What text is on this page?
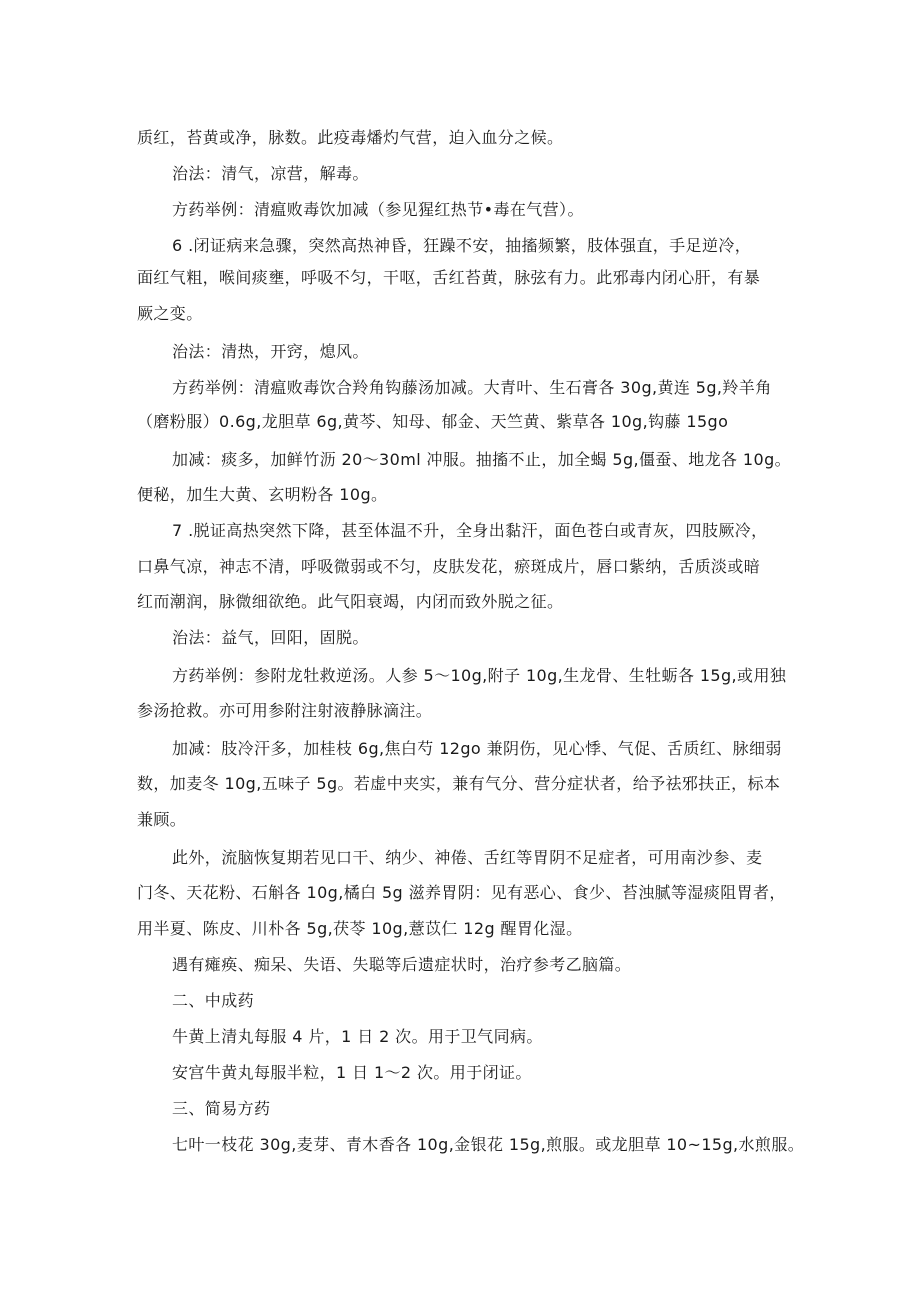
质红，苔黄或净，脉数。此疫毒燔灼气营，迫入血分之候。

治法：清气，凉营，解毒。

方药举例：清瘟败毒饮加减（参见猩红热节•毒在气营）。

6 .闭证病来急骤，突然高热神昏，狂躁不安，抽搐频繁，肢体强直，手足逆冷，

面红气粗，喉间痰壅，呼吸不匀，干呕，舌红苔黄，脉弦有力。此邪毒内闭心肝，有暴

厥之变。

治法：清热，开窍，熄风。

方药举例：清瘟败毒饮合羚角钩藤汤加减。大青叶、生石膏各 30g,黄连 5g,羚羊角

（磨粉服）0.6g,龙胆草 6g,黄芩、知母、郁金、天竺黄、紫草各 10g,钩藤 15go

加减：痰多，加鲜竹沥 20～30ml 冲服。抽搐不止，加全蝎 5g,僵蚕、地龙各 10g。

便秘，加生大黄、玄明粉各 10g。

7 .脱证高热突然下降，甚至体温不升，全身出黏汗，面色苍白或青灰，四肢厥冷，

口鼻气凉，神志不清，呼吸微弱或不匀，皮肤发花，瘀斑成片，唇口紫纳，舌质淡或暗

红而潮润，脉微细欲绝。此气阳衰竭，内闭而致外脱之征。

治法：益气，回阳，固脱。

方药举例：参附龙牡救逆汤。人参 5～10g,附子 10g,生龙骨、生牡蛎各 15g,或用独

参汤抢救。亦可用参附注射液静脉滴注。

加减：肢冷汗多，加桂枝 6g,焦白芍 12go 兼阴伤，见心悸、气促、舌质红、脉细弱

数，加麦冬 10g,五味子 5g。若虚中夹实，兼有气分、营分症状者，给予祛邪扶正，标本

兼顾。

此外，流脑恢复期若见口干、纳少、神倦、舌红等胃阴不足症者，可用南沙参、麦

门冬、天花粉、石斛各 10g,橘白 5g 滋养胃阴：见有恶心、食少、苔浊腻等湿痰阻胃者，

用半夏、陈皮、川朴各 5g,茯苓 10g,薏苡仁 12g 醒胃化湿。

遇有瘫痪、痴呆、失语、失聪等后遗症状时，治疗参考乙脑篇。

二、中成药

牛黄上清丸每服 4 片，1 日 2 次。用于卫气同病。

安宫牛黄丸每服半粒，1 日 1～2 次。用于闭证。

三、简易方药

七叶一枝花 30g,麦芽、青木香各 10g,金银花 15g,煎服。或龙胆草 10~15g,水煎服。
